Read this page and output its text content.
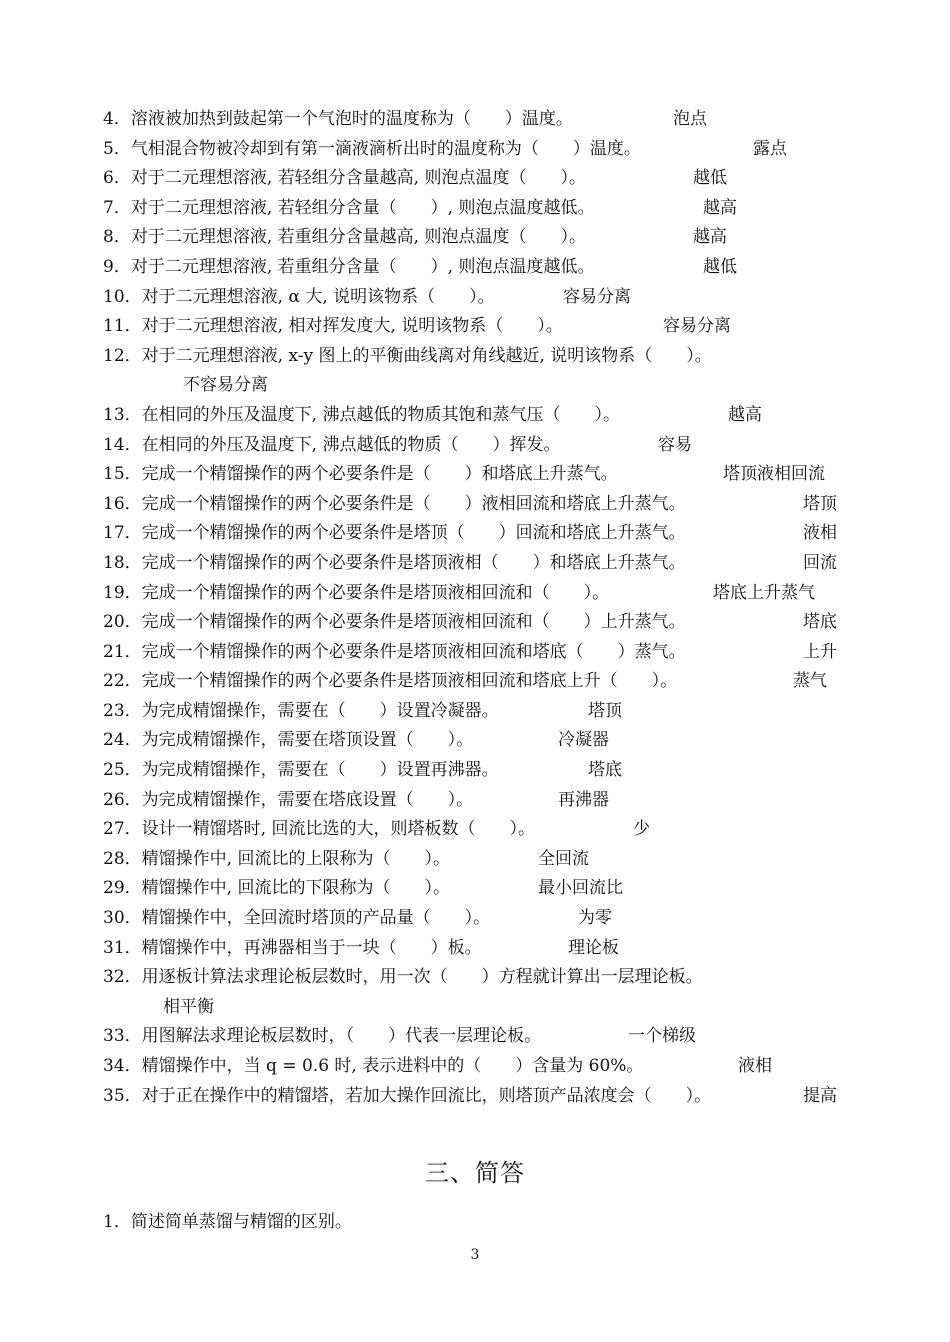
4．溶液被加热到鼓起第一个气泡时的温度称为（　　）温度。	泡点
5．气相混合物被冷却到有第一滴液滴析出时的温度称为（　　）温度。	露点
6．对于二元理想溶液, 若轻组分含量越高, 则泡点温度（　　）。	越低
7．对于二元理想溶液, 若轻组分含量（　　）, 则泡点温度越低。	越高
8．对于二元理想溶液, 若重组分含量越高, 则泡点温度（　　）。	越高
9．对于二元理想溶液, 若重组分含量（　　）, 则泡点温度越低。	越低
10．对于二元理想溶液, α 大, 说明该物系（　　）。	容易分离
11．对于二元理想溶液, 相对挥发度大, 说明该物系（　　）。	容易分离
12．对于二元理想溶液, x-y 图上的平衡曲线离对角线越近, 说明该物系（　　）。
不容易分离
13．在相同的外压及温度下, 沸点越低的物质其饱和蒸气压（　　）。	越高
14．在相同的外压及温度下, 沸点越低的物质（　　）挥发。	容易
15．完成一个精馏操作的两个必要条件是（　　）和塔底上升蒸气。	塔顶液相回流
16．完成一个精馏操作的两个必要条件是（　　）液相回流和塔底上升蒸气。	塔顶
17．完成一个精馏操作的两个必要条件是塔顶（　　）回流和塔底上升蒸气。	液相
18．完成一个精馏操作的两个必要条件是塔顶液相（　　）和塔底上升蒸气。	回流
19．完成一个精馏操作的两个必要条件是塔顶液相回流和（　　）。	塔底上升蒸气
20．完成一个精馏操作的两个必要条件是塔顶液相回流和（　　）上升蒸气。	塔底
21．完成一个精馏操作的两个必要条件是塔顶液相回流和塔底（　　）蒸气。	上升
22．完成一个精馏操作的两个必要条件是塔顶液相回流和塔底上升（　　）。	蒸气
23．为完成精馏操作，需要在（　　）设置冷凝器。	塔顶
24．为完成精馏操作，需要在塔顶设置（　　）。	冷凝器
25．为完成精馏操作，需要在（　　）设置再沸器。	塔底
26．为完成精馏操作，需要在塔底设置（　　）。	再沸器
27．设计一精馏塔时, 回流比选的大，则塔板数（　　）。	少
28．精馏操作中, 回流比的上限称为（　　）。	全回流
29．精馏操作中, 回流比的下限称为（　　）。	最小回流比
30．精馏操作中，全回流时塔顶的产品量（　　）。	为零
31．精馏操作中，再沸器相当于一块（　　）板。	理论板
32．用逐板计算法求理论板层数时，用一次（　　）方程就计算出一层理论板。
相平衡
33．用图解法求理论板层数时，（　　）代表一层理论板。	一个梯级
34．精馏操作中，当 q = 0.6 时, 表示进料中的（　　）含量为 60%。	液相
35．对于正在操作中的精馏塔，若加大操作回流比，则塔顶产品浓度会（　　）。	提高
三、简答
1．简述简单蒸馏与精馏的区别。
3
